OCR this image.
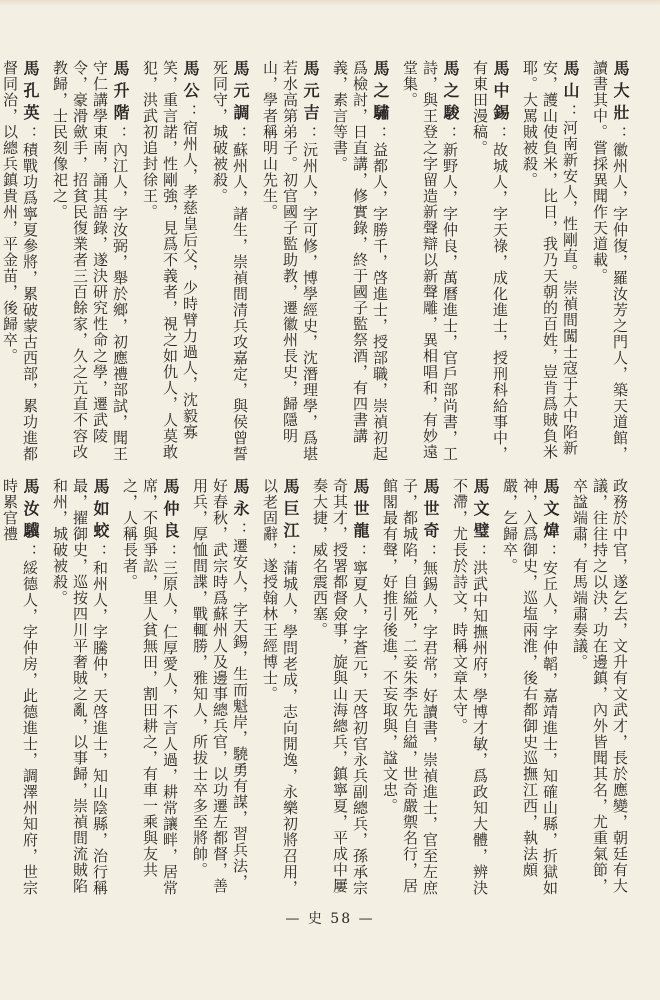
馬大壯：徽州人，字仲復，羅汝芳之門人，築天道館，讀書其中。嘗採異聞作天道載。
馬山：河南新安人，性剛直。崇禎間闖士寇于大中陷新安，護山使負米，比日，我乃天朝的百姓，豈肯爲賊負米耶。大罵賊被殺。
馬中錫：故城人，字天祿，成化進士，授刑科給事中，有東田漫稿。
馬之駿：新野人，字仲良，萬曆進士，官戶部尚書，工詩，與王登之字留造新聲辯以新聲雕，異相唱和，有妙遠堂集。
馬之驌：益都人，字勝千，啓進士，授部職，崇禎初起爲檢討，日直講，修實錄，終于國子監祭酒，有四書講義，素言等書。
馬元吉：沅州人，字可修，博學經史，沈潛理學，爲堪若水高第弟子。初官國子監助教，遷徽州長史，歸隱明山，學者稱明山先生。
馬元調：蘇州人，諸生，崇禎間清兵攻嘉定，與侯曾誓死同守，城破被殺。
馬公：宿州人，孝慈皇后父，少時臂力過人，沈毅寡笑，重言諾，性剛強，見爲不義者，視之如仇人，人莫敢犯，洪武初追封徐王。
馬升階：內江人，字汝弼，舉於鄉，初應禮部試，聞王守仁講學東南，誦其語錄，遂決研究性命之學，遷武陵令，豪滑歛手，招貧民復業者三百餘家，久之亢直不容改教歸，士民刻像祀之。
馬孔英：積戰功爲寧夏參將，累破蒙古西部，累功進都督同治，以總兵鎮貴州，平金苗，後歸卒。
政務於中官，遂乞去，文升有文武才，長於應變，朝廷有大議，往往持之以決，功在邊鎮，內外皆聞其名，尤重氣節，卒諡端肅，有馬端肅奏議。
馬文煒：安丘人，字仲韜，嘉靖進士，知確山縣，折獄如神，入爲御史，巡塩兩淮，後右都御史巡撫江西，執法頗嚴，乞歸卒。
馬文璧：洪武中知撫州府，學博才敏，爲政知大體，辨決不滯，尤長於詩文，時稱文章太守。
馬世奇：無錫人，字君常，好讀書，崇禎進士，官至左庶子，都城陷，自縊死，二妾朱李先自縊，世奇嚴禦名行，居館閣最有聲，好推引後進，不妄取與，諡文忠。
馬世龍：寧夏人，字蒼元，天啓初官永兵副總兵，孫承宗奇其才，授署都督僉事，旋與山海總兵，鎮寧夏，平成中屢奏大捷，威名震西塞。
馬巨江：蒲城人，學問老成，志向閒逸，永樂初將召用，以老固辭，遂授翰林王經博士。
馬永：遷安人，字天錫，生而魁岸，驍勇有謀，習兵法，好春秋，武宗時爲蘇州人及邊事總兵官，以功遷左都督，善用兵，厚恤間諜，戰輒勝，雅知人，所拔士卒多至將帥。
馬仲良：三原人，仁厚愛人，不言人過，耕常讓畔，居常席，不與爭訟，里人貧無田，割田耕之，有車一乘與友共之，人稱長者。
馬如蛟：和州人，字騰仲，天啓進士，知山陰縣，治行稱最，擢御史，巡按四川平奢賊之亂，以事歸，崇禎間流賊陷和州，城破被殺。
馬汝驥：綏德人，字仲房，此德進士，調澤州知府，世宗時累官禮
— 史 58 —
